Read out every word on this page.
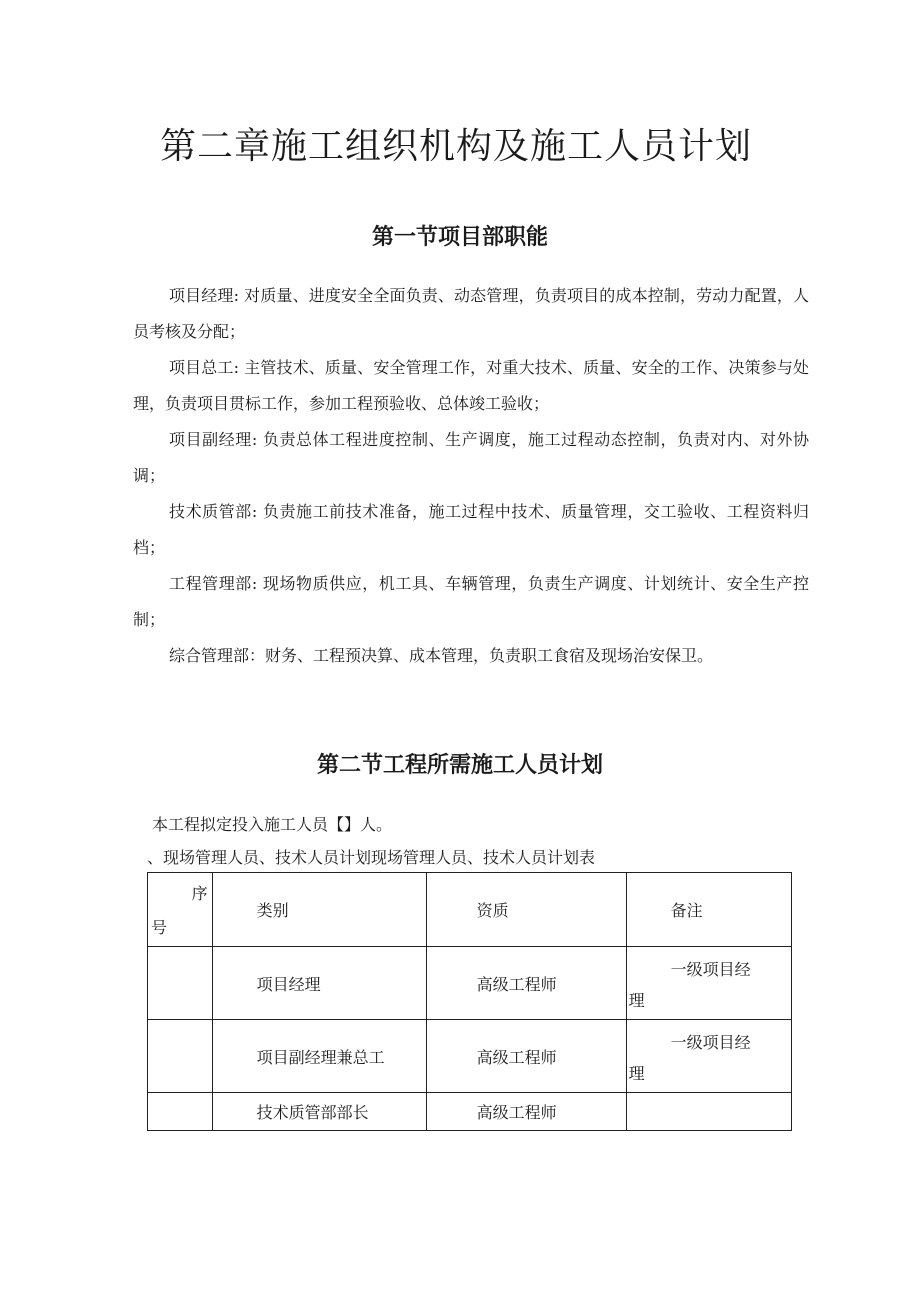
第二章施工组织机构及施工人员计划
第一节项目部职能

项目经理: 对质量、进度安全全面负责、动态管理，负责项目的成本控制，劳动力配置，人员考核及分配；

项目总工: 主管技术、质量、安全管理工作，对重大技术、质量、安全的工作、决策参与处理，负责项目贯标工作，参加工程预验收、总体竣工验收；

项目副经理: 负责总体工程进度控制、生产调度，施工过程动态控制，负责对内、对外协调；

技术质管部: 负责施工前技术准备，施工过程中技术、质量管理，交工验收、工程资料归档；

工程管理部: 现场物质供应，机工具、车辆管理，负责生产调度、计划统计、安全生产控制；

综合管理部：财务、工程预决算、成本管理，负责职工食宿及现场治安保卫。

第二节工程所需施工人员计划

本工程拟定投入施工人员【】人。

、现场管理人员、技术人员计划现场管理人员、技术人员计划表

序
号	类别	资质	备注
	项目经理	高级工程师	一级项目经
理

	项目副经理兼总工	高级工程师	一级项目经
理

	技术质管部部长	高级工程师	
